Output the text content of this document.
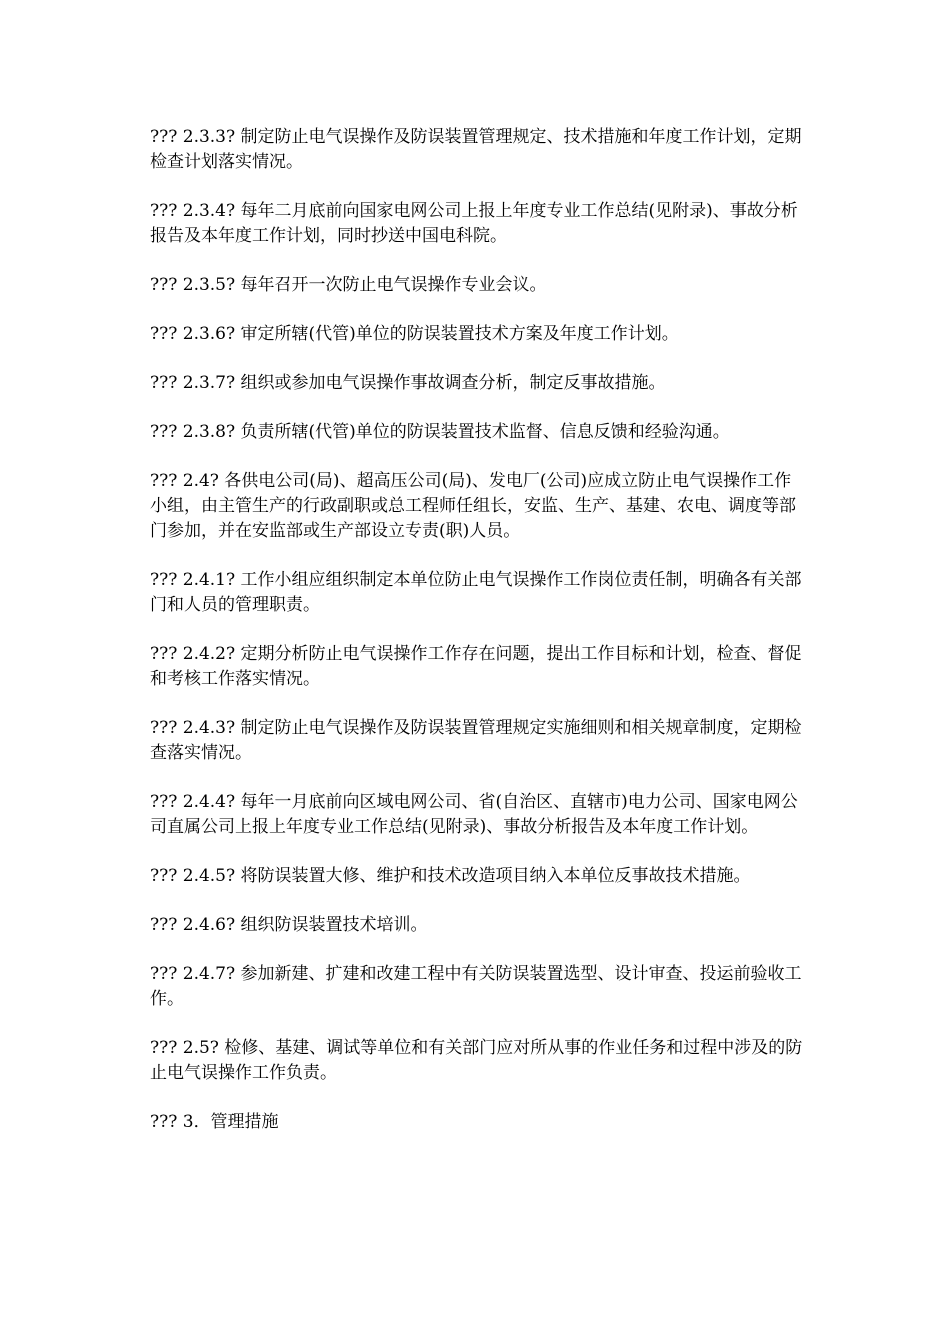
??? 2.3.3? 制定防止电气误操作及防误装置管理规定、技术措施和年度工作计划，定期检查计划落实情况。

??? 2.3.4? 每年二月底前向国家电网公司上报上年度专业工作总结(见附录)、事故分析报告及本年度工作计划，同时抄送中国电科院。

??? 2.3.5? 每年召开一次防止电气误操作专业会议。

??? 2.3.6? 审定所辖(代管)单位的防误装置技术方案及年度工作计划。

??? 2.3.7? 组织或参加电气误操作事故调查分析，制定反事故措施。

??? 2.3.8? 负责所辖(代管)单位的防误装置技术监督、信息反馈和经验沟通。

??? 2.4? 各供电公司(局)、超高压公司(局)、发电厂(公司)应成立防止电气误操作工作小组，由主管生产的行政副职或总工程师任组长，安监、生产、基建、农电、调度等部门参加，并在安监部或生产部设立专责(职)人员。

??? 2.4.1? 工作小组应组织制定本单位防止电气误操作工作岗位责任制，明确各有关部门和人员的管理职责。

??? 2.4.2? 定期分析防止电气误操作工作存在问题，提出工作目标和计划，检查、督促和考核工作落实情况。

??? 2.4.3? 制定防止电气误操作及防误装置管理规定实施细则和相关规章制度，定期检查落实情况。

??? 2.4.4? 每年一月底前向区域电网公司、省(自治区、直辖市)电力公司、国家电网公司直属公司上报上年度专业工作总结(见附录)、事故分析报告及本年度工作计划。

??? 2.4.5? 将防误装置大修、维护和技术改造项目纳入本单位反事故技术措施。

??? 2.4.6? 组织防误装置技术培训。

??? 2.4.7? 参加新建、扩建和改建工程中有关防误装置选型、设计审查、投运前验收工作。

??? 2.5? 检修、基建、调试等单位和有关部门应对所从事的作业任务和过程中涉及的防止电气误操作工作负责。

??? 3．管理措施
